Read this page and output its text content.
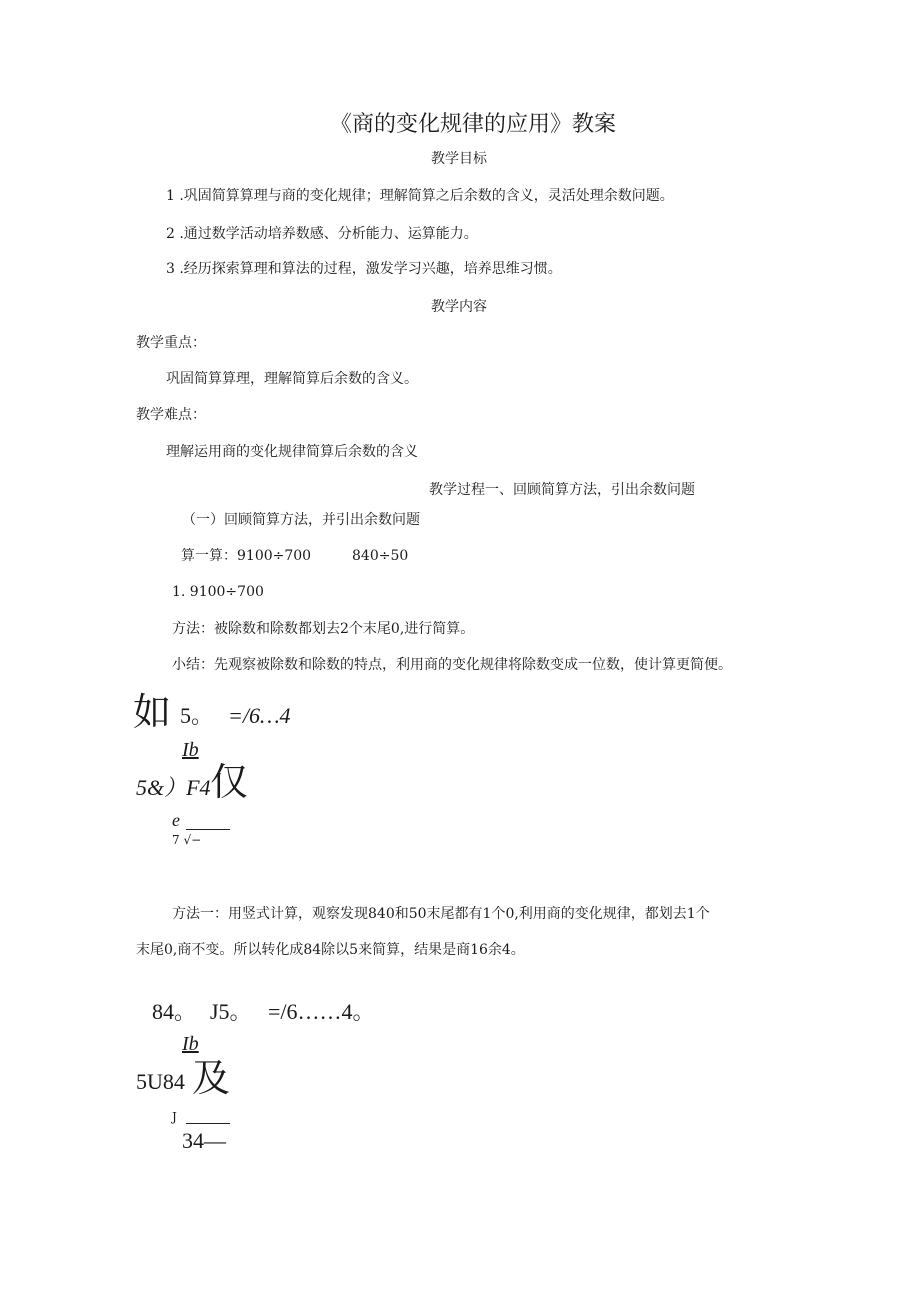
《商的变化规律的应用》教案
教学目标
1 .巩固简算算理与商的变化规律；理解简算之后余数的含义，灵活处理余数问题。
2 .通过数学活动培养数感、分析能力、运算能力。
3 .经历探索算理和算法的过程，激发学习兴趣，培养思维习惯。
教学内容
教学重点：
巩固简算算理，理解简算后余数的含义。
教学难点：
理解运用商的变化规律简算后余数的含义
教学过程一、回顾简算方法，引出余数问题
（一）回顾简算方法，并引出余数问题
算一算：9100÷700	840÷50
1. 9100÷700
方法：被除数和除数都划去2个末尾0,进行简算。
小结：先观察被除数和除数的特点，利用商的变化规律将除数变成一位数，使计算更简便。
如 5。 =/6…4
Ib
5&）F4 仅
e
7 √−
方法一：用竖式计算，观察发现840和50末尾都有1个0,利用商的变化规律，都划去1个
末尾0,商不变。所以转化成84除以5来简算，结果是商16余4。
84。 J5。 =/6……4。
Ib
5U84 及
J
34—
